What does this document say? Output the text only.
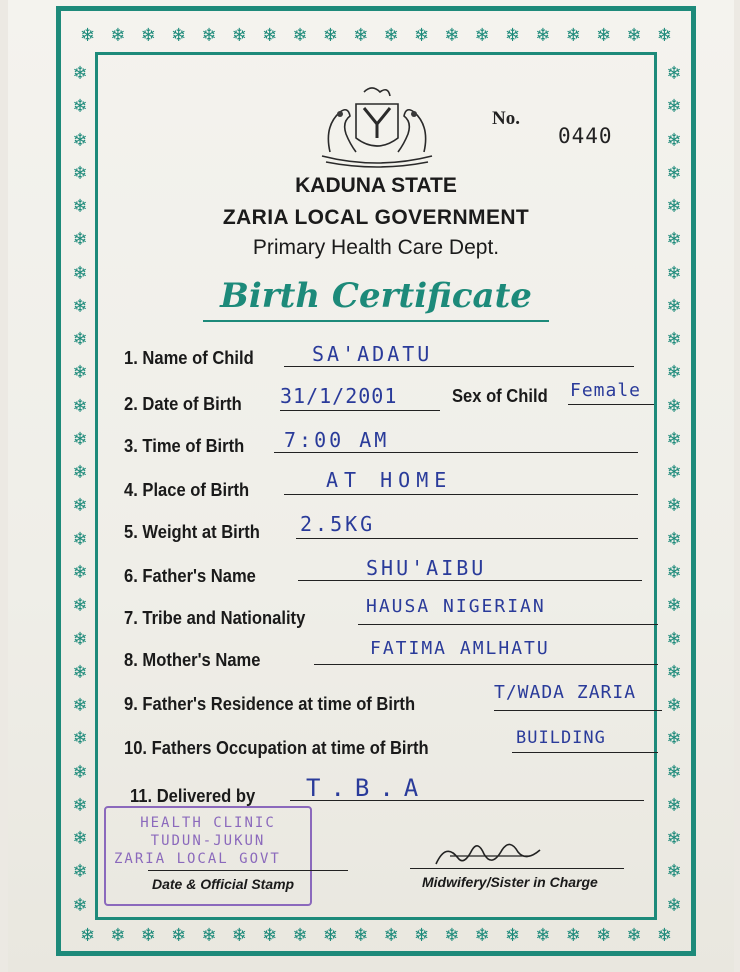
❄ ❄ ❄ ❄ ❄ ❄ ❄ ❄ ❄ ❄ ❄ ❄ ❄ ❄ ❄ ❄ ❄ ❄ ❄ ❄
❄ ❄ ❄ ❄ ❄ ❄ ❄ ❄ ❄ ❄ ❄ ❄ ❄ ❄ ❄ ❄ ❄ ❄ ❄ ❄
❄
❄
❄
❄
❄
❄
❄
❄
❄
❄
❄
❄
❄
❄
❄
❄
❄
❄
❄
❄
❄
❄
❄
❄
❄
❄
❄
❄
❄
❄
❄
❄
❄
❄
❄
❄
❄
❄
❄
❄
❄
❄
❄
❄
❄
❄
❄
❄
❄
❄
❄
❄
No.
0440
KADUNA STATE
ZARIA LOCAL GOVERNMENT
Primary Health Care Dept.
Birth Certificate
1. Name of Child	SA'ADATU
2. Date of Birth 31/1/2001	Sex of Child Female
3. Time of Birth 7:00 AM
4. Place of Birth	AT HOME
5. Weight at Birth 2.5KG
6. Father's Name	SHU'AIBU
7. Tribe and Nationality
HAUSA NIGERIAN
8. Mother's Name
FATIMA AMLHATU
9. Father's Residence at time of Birth
T/WADA ZARIA
10. Fathers Occupation at time of Birth	BUILDING
11. Delivered by T.B.A
HEALTH CLINIC
TUDUN-JUKUN
ZARIA LOCAL GOVT
Date & Official Stamp	Midwifery/Sister in Charge
